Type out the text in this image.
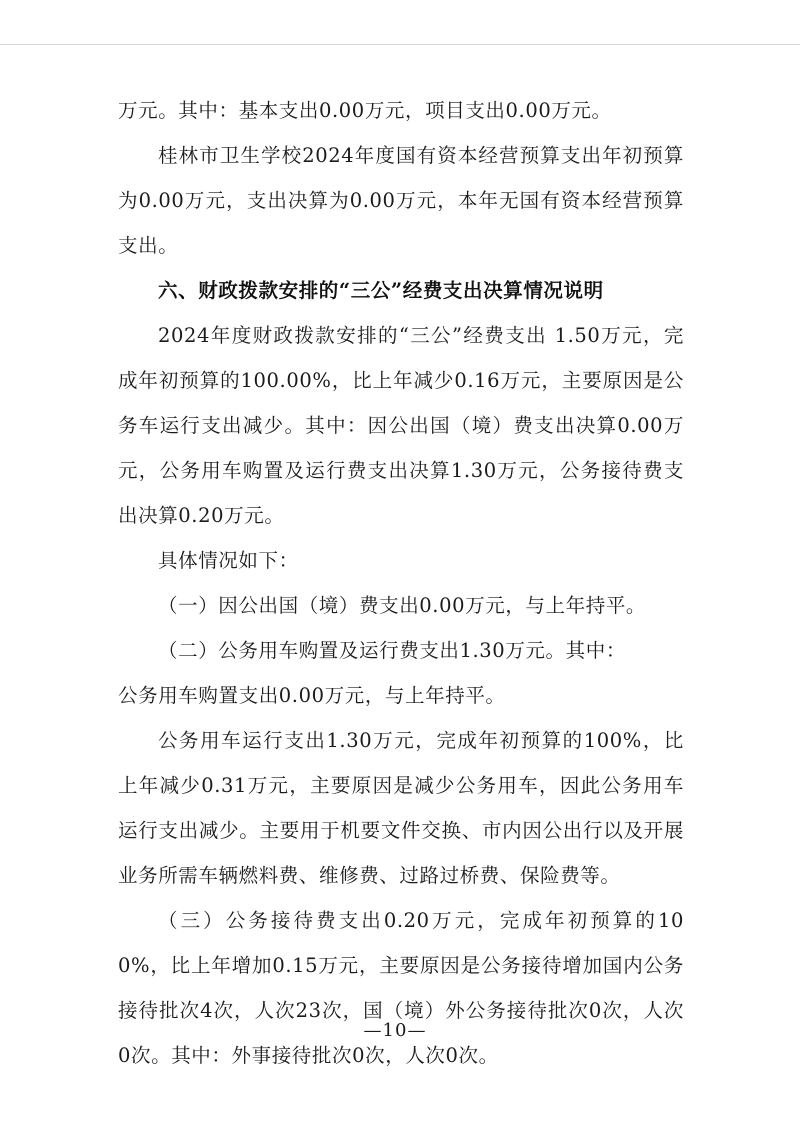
万元。其中：基本支出0.00万元，项目支出0.00万元。

桂林市卫生学校2024年度国有资本经营预算支出年初预算为0.00万元，支出决算为0.00万元，本年无国有资本经营预算支出。

六、财政拨款安排的“三公”经费支出决算情况说明

2024年度财政拨款安排的“三公”经费支出 1.50万元，完成年初预算的100.00%，比上年减少0.16万元，主要原因是公务车运行支出减少。其中：因公出国（境）费支出决算0.00万元，公务用车购置及运行费支出决算1.30万元，公务接待费支出决算0.20万元。

具体情况如下：

（一）因公出国（境）费支出0.00万元，与上年持平。

（二）公务用车购置及运行费支出1.30万元。其中：

公务用车购置支出0.00万元，与上年持平。

公务用车运行支出1.30万元，完成年初预算的100%，比上年减少0.31万元，主要原因是减少公务用车，因此公务用车运行支出减少。主要用于机要文件交换、市内因公出行以及开展业务所需车辆燃料费、维修费、过路过桥费、保险费等。

（三）公务接待费支出0.20万元，完成年初预算的100%，比上年增加0.15万元，主要原因是公务接待增加国内公务接待批次4次，人次23次，国（境）外公务接待批次0次，人次0次。其中：外事接待批次0次，人次0次。

—10—
